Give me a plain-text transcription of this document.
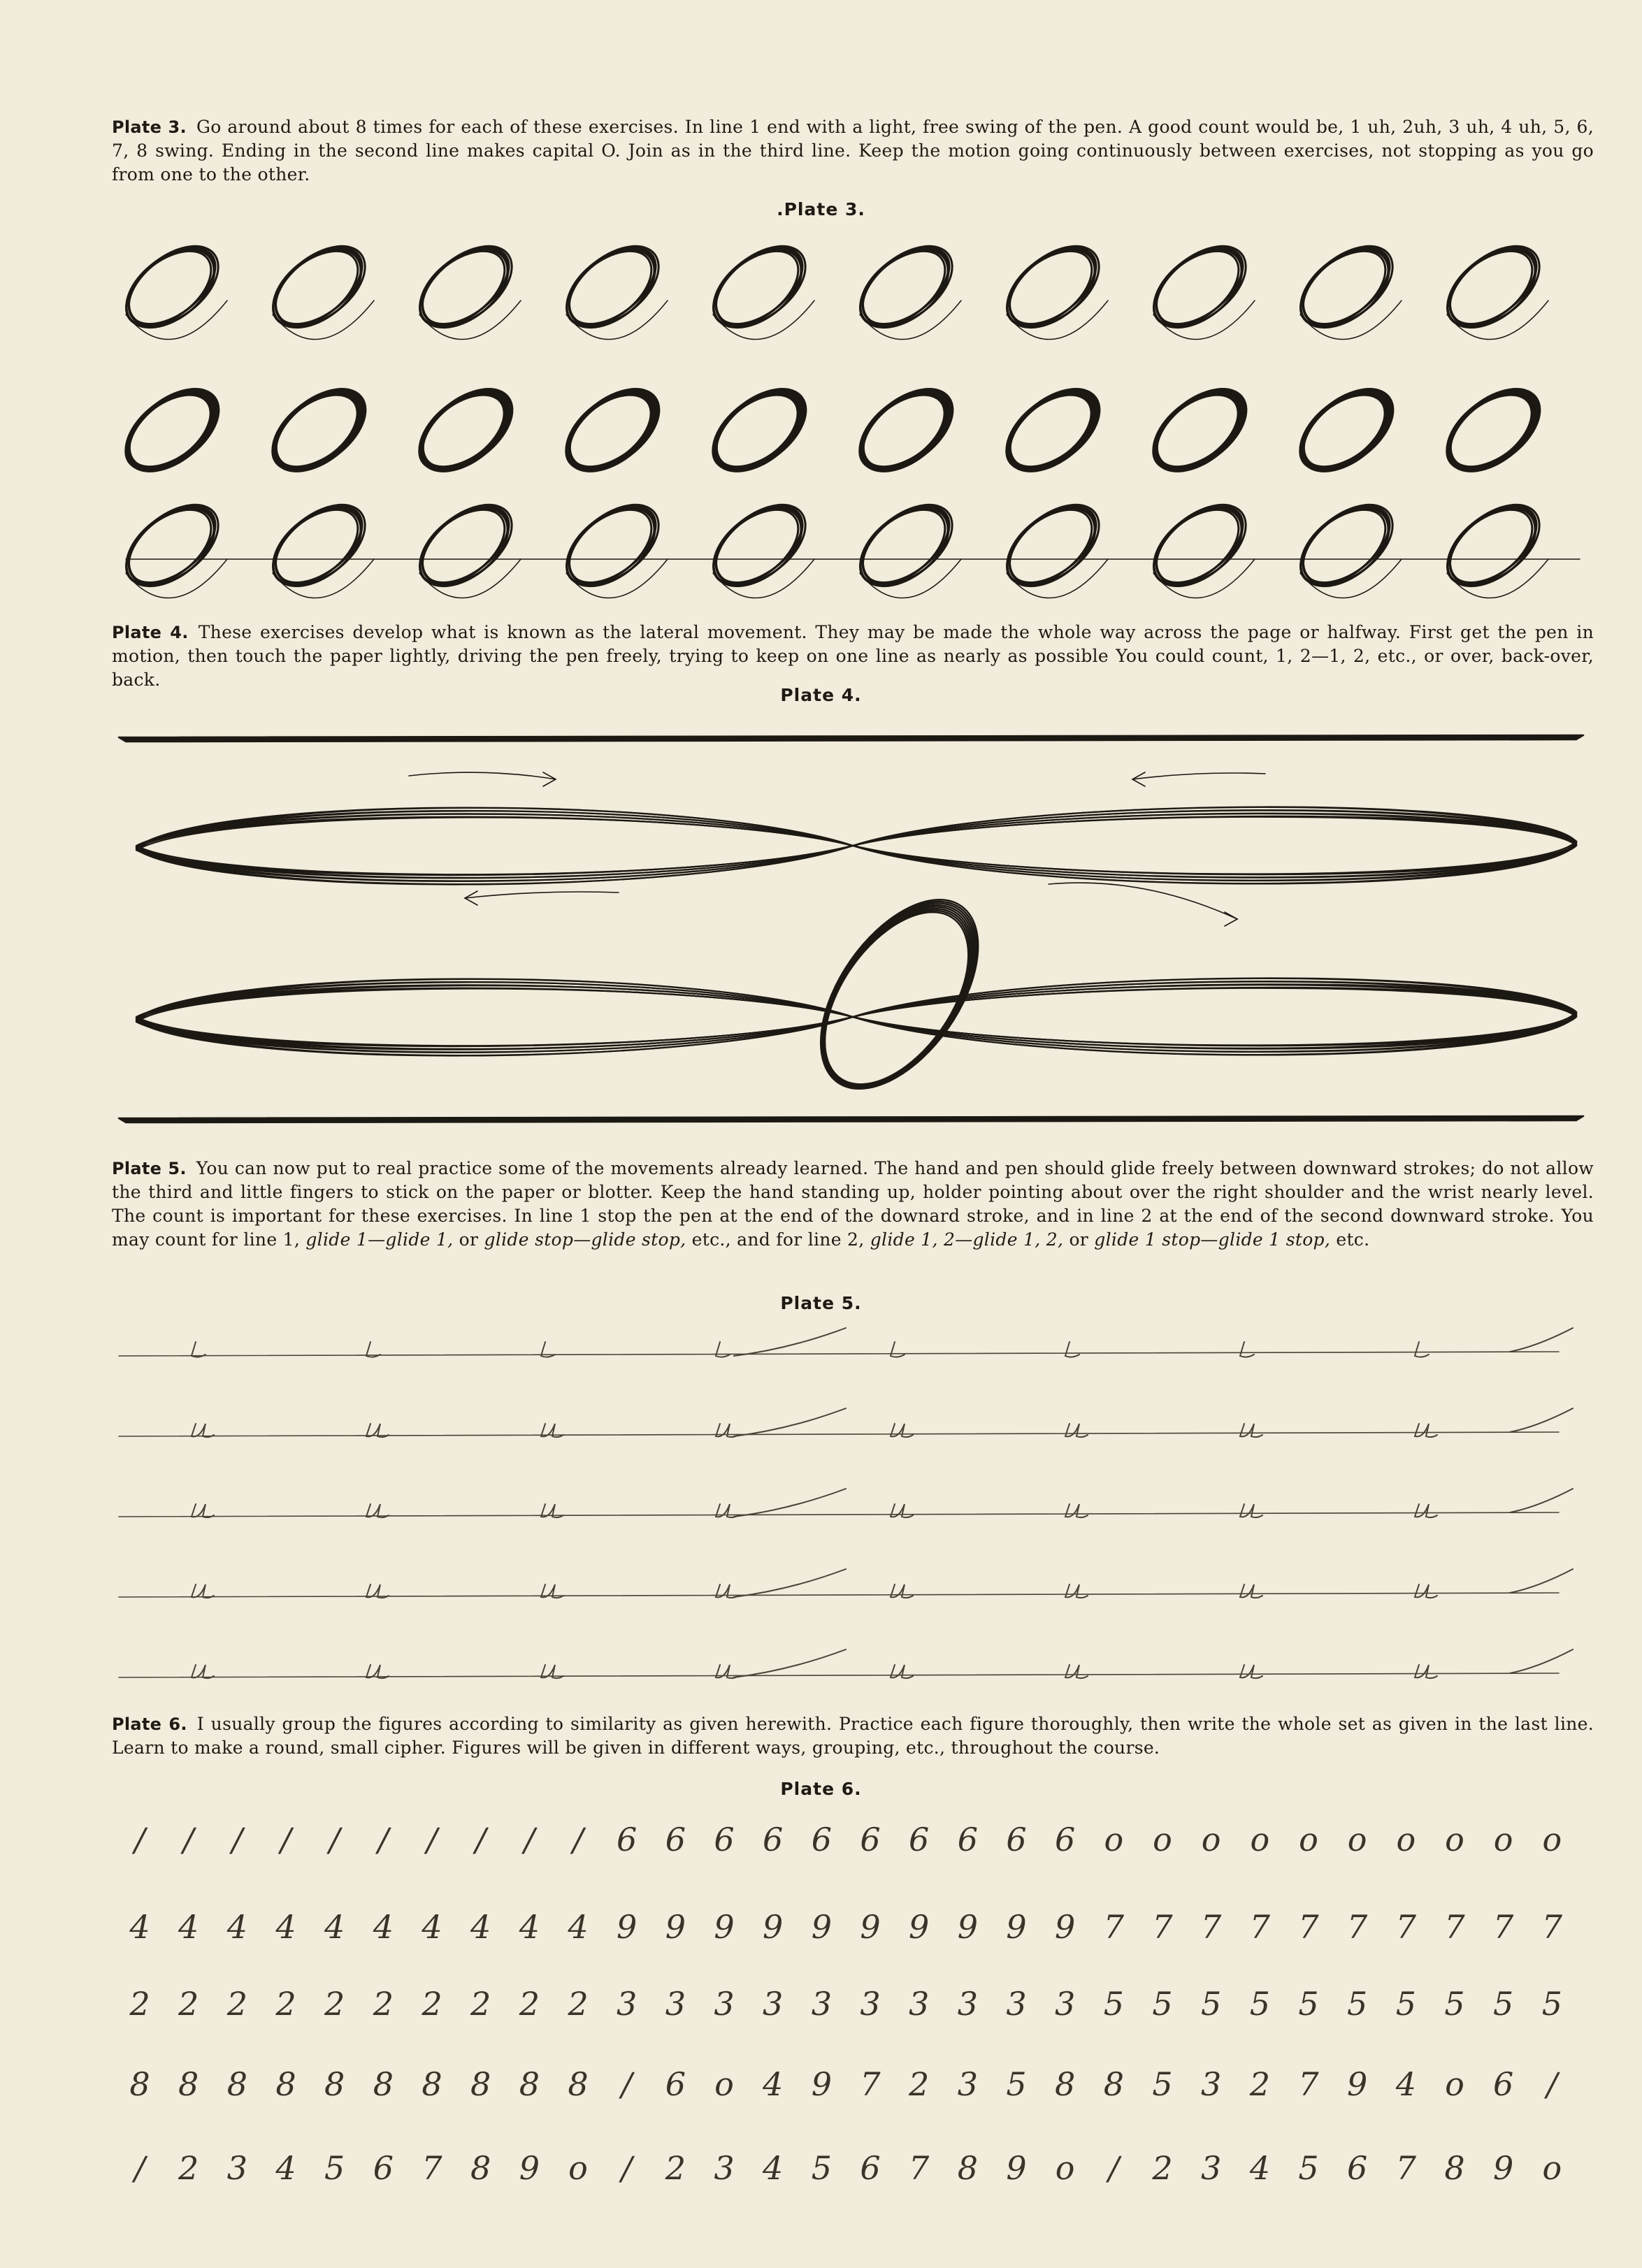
Plate 3. Go around about 8 times for each of these exercises. In line 1 end with a light, free swing of the pen. A good count would be, 1 uh, 2uh, 3 uh, 4 uh, 5, 6, 7, 8 swing. Ending in the second line makes capital O. Join as in the third line. Keep the motion going continuously between exercises, not stopping as you go from one to the other.
.Plate 3.
Plate 4. These exercises develop what is known as the lateral movement. They may be made the whole way across the page or halfway. First get the pen in motion, then touch the paper lightly, driving the pen freely, trying to keep on one line as nearly as possible You could count, 1, 2—1, 2, etc., or over, back-over, back.
Plate 4.
Plate 5. You can now put to real practice some of the movements already learned. The hand and pen should glide freely between downward strokes; do not allow the third and little fingers to stick on the paper or blotter. Keep the hand standing up, holder pointing about over the right shoulder and the wrist nearly level. The count is important for these exercises. In line 1 stop the pen at the end of the downard stroke, and in line 2 at the end of the second downward stroke. You may count for line 1, glide 1—glide 1, or glide stop—glide stop, etc., and for line 2, glide 1, 2—glide 1, 2, or glide 1 stop—glide 1 stop, etc.
Plate 5.
Plate 6. I usually group the figures according to similarity as given herewith. Practice each figure thoroughly, then write the whole set as given in the last line. Learn to make a round, small cipher. Figures will be given in different ways, grouping, etc., throughout the course.
Plate 6.
/	/	/	/	/	/	/	/	/	/	6 6 6 6 6 6 6 6 6 6 o o o o o o o o o o
4 4 4 4 4 4 4 4 4 4 9 9 9 9 9 9 9 9 9 9 7 7 7 7 7 7 7 7 7 7
2 2 2 2 2 2 2 2 2 2 3 3 3 3 3 3 3 3 3 3 5 5 5 5 5 5 5 5 5 5
8 8 8 8 8 8 8 8 8 8	/	6 o 4 9 7 2 3 5 8 8 5 3 2 7 9 4 o 6	/
/	2 3 4 5 6 7 8 9 o	/	2 3 4 5 6 7 8 9 o	/	2 3 4 5 6 7 8 9 o
